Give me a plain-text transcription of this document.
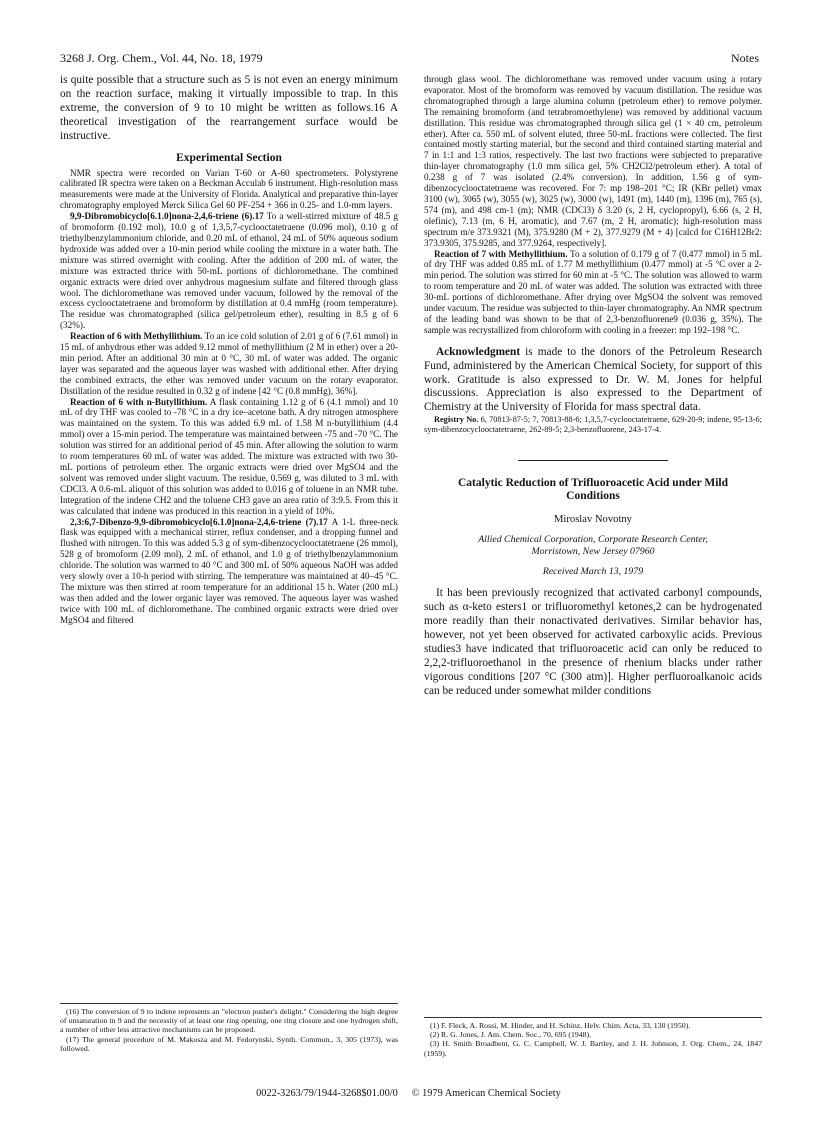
3268 J. Org. Chem., Vol. 44, No. 18, 1979	Notes

is quite possible that a structure such as 5 is not even an energy minimum on the reaction surface, making it virtually impossible to trap. In this extreme, the conversion of 9 to 10 might be written as follows.16 A theoretical investigation of the rearrangement surface would be instructive.

Experimental Section

NMR spectra were recorded on Varian T-60 or A-60 spectrometers. Polystyrene calibrated IR spectra were taken on a Beckman Acculab 6 instrument. High-resolution mass measurements were made at the University of Florida. Analytical and preparative thin-layer chromatography employed Merck Silica Gel 60 PF-254 + 366 in 0.25- and 1.0-mm layers.

9,9-Dibromobicyclo[6.1.0]nona-2,4,6-triene (6).17 To a well-stirred mixture of 48.5 g of bromoform (0.192 mol), 10.0 g of 1,3,5,7-cyclooctatetraene (0.096 mol), 0.10 g of triethylbenzylammonium chloride, and 0.20 mL of ethanol, 24 mL of 50% aqueous sodium hydroxide was added over a 10-min period while cooling the mixture in a water bath. The mixture was stirred overnight with cooling. After the addition of 200 mL of water, the mixture was extracted thrice with 50-mL portions of dichloromethane. The combined organic extracts were dried over anhydrous magnesium sulfate and filtered through glass wool. The dichloromethane was removed under vacuum, followed by the removal of the excess cyclooctatetraene and bromoform by distillation at 0.4 mmHg (room temperature). The residue was chromatographed (silica gel/petroleum ether), resulting in 8.5 g of 6 (32%).

Reaction of 6 with Methyllithium. To an ice cold solution of 2.01 g of 6 (7.61 mmol) in 15 mL of anhydrous ether was added 9.12 mmol of methyllithium (2 M in ether) over a 20-min period. After an additional 30 min at 0 °C, 30 mL of water was added. The organic layer was separated and the aqueous layer was washed with additional ether. After drying the combined extracts, the ether was removed under vacuum on the rotary evaporator. Distillation of the residue resulted in 0.32 g of indene [42 °C (0.8 mmHg), 36%].

Reaction of 6 with n-Butyllithium. A flask containing 1.12 g of 6 (4.1 mmol) and 10 mL of dry THF was cooled to -78 °C in a dry ice–acetone bath. A dry nitrogen atmosphere was maintained on the system. To this was added 6.9 mL of 1.58 M n-butyllithium (4.4 mmol) over a 15-min period. The temperature was maintained between -75 and -70 °C. The solution was stirred for an additional period of 45 min. After allowing the solution to warm to room temperatures 60 mL of water was added. The mixture was extracted with two 30-mL portions of petroleum ether. The organic extracts were dried over MgSO4 and the solvent was removed under slight vacuum. The residue, 0.569 g, was diluted to 3 mL with CDCl3. A 0.6-mL aliquot of this solution was added to 0.016 g of toluene in an NMR tube. Integration of the indene CH2 and the toluene CH3 gave an area ratio of 3:9.5. From this it was calculated that indene was produced in this reaction in a yield of 10%.

2,3:6,7-Dibenzo-9,9-dibromobicyclo[6.1.0]nona-2,4,6-triene (7).17 A 1-L three-neck flask was equipped with a mechanical stirrer, reflux condenser, and a dropping funnel and flushed with nitrogen. To this was added 5.3 g of sym-dibenzocyclooctatetraene (26 mmol), 528 g of bromoform (2.09 mol), 2 mL of ethanol, and 1.0 g of triethylbenzylammonium chloride. The solution was warmed to 40 °C and 300 mL of 50% aqueous NaOH was added very slowly over a 10-h period with stirring. The temperature was maintained at 40–45 °C. The mixture was then stirred at room temperature for an additional 15 h. Water (200 mL) was then added and the lower organic layer was removed. The aqueous layer was washed twice with 100 mL of dichloromethane. The combined organic extracts were dried over MgSO4 and filtered

through glass wool. The dichloromethane was removed under vacuum using a rotary evaporator. Most of the bromoform was removed by vacuum distillation. The residue was chromatographed through a large alumina column (petroleum ether) to remove polymer. The remaining bromoform (and tetrabromoethylene) was removed by additional vacuum distillation. This residue was chromatographed through silica gel (1 × 40 cm, petroleum ether). After ca. 550 mL of solvent eluted, three 50-mL fractions were collected. The first contained mostly starting material, but the second and third contained starting material and 7 in 1:1 and 1:3 ratios, respectively. The last two fractions were subjected to preparative thin-layer chromatography (1.0 mm silica gel, 5% CH2Cl2/petroleum ether). A total of 0.238 g of 7 was isolated (2.4% conversion). In addition, 1.56 g of sym-dibenzocyclooctatetraene was recovered. For 7: mp 198–201 °C; IR (KBr pellet) νmax 3100 (w), 3065 (w), 3055 (w), 3025 (w), 3000 (w), 1491 (m), 1440 (m), 1396 (m), 765 (s), 574 (m), and 498 cm-1 (m); NMR (CDCl3) δ 3.20 (s, 2 H, cyclopropyl), 6.66 (s, 2 H, olefinic), 7.13 (m, 6 H, aromatic), and 7.67 (m, 2 H, aromatic); high-resolution mass spectrum m/e 373.9321 (M), 375.9280 (M + 2), 377.9279 (M + 4) [calcd for C16H12Br2: 373.9305, 375.9285, and 377.9264, respectively].

Reaction of 7 with Methyllithium. To a solution of 0.179 g of 7 (0.477 mmol) in 5 mL of dry THF was added 0.85 mL of 1.77 M methyllithium (0.477 mmol) at -5 °C over a 2-min period. The solution was stirred for 60 min at -5 °C. The solution was allowed to warm to room temperature and 20 mL of water was added. The solution was extracted with three 30-mL portions of dichloromethane. After drying over MgSO4 the solvent was removed under vacuum. The residue was subjected to thin-layer chromatography. An NMR spectrum of the leading band was shown to be that of 2,3-benzofluorene9 (0.036 g, 35%). The sample was recrystallized from chloroform with cooling in a freezer: mp 192–198 °C.

Acknowledgment is made to the donors of the Petroleum Research Fund, administered by the American Chemical Society, for support of this work. Gratitude is also expressed to Dr. W. M. Jones for helpful discussions. Appreciation is also expressed to the Department of Chemistry at the University of Florida for mass spectral data.

Registry No. 6, 70813-87-5; 7, 70813-88-6; 1,3,5,7-cyclooctatetraene, 629-20-9; indene, 95-13-6; sym-dibenzocyclooctatetraene, 262-89-5; 2,3-benzofluorene, 243-17-4.

Catalytic Reduction of Trifluoroacetic Acid under Mild Conditions
Miroslav Novotny
Allied Chemical Corporation, Corporate Research Center,
Morristown, New Jersey 07960
Received March 13, 1979

It has been previously recognized that activated carbonyl compounds, such as α-keto esters1 or trifluoromethyl ketones,2 can be hydrogenated more readily than their nonactivated derivatives. Similar behavior has, however, not yet been observed for activated carboxylic acids. Previous studies3 have indicated that trifluoroacetic acid can only be reduced to 2,2,2-trifluoroethanol in the presence of rhenium blacks under rather vigorous conditions [207 °C (300 atm)]. Higher perfluoroalkanoic acids can be reduced under somewhat milder conditions

(16) The conversion of 9 to indene represents an "electron pusher's delight." Considering the high degree of unsaturation in 9 and the necessity of at least one ring opening, one ring closure and one hydrogen shift, a number of other less attractive mechanisms can be proposed.

(17) The general procedure of M. Makosza and M. Fedorynski, Synth. Commun., 3, 305 (1973), was followed.

(1) F. Fleck, A. Rossi, M. Hinder, and H. Schinz, Helv. Chim. Acta, 33, 130 (1950).

(2) R. G. Jones, J. Am. Chem. Soc., 70, 695 (1948).

(3) H. Smith Broadbent, G. C. Campbell, W. J. Bartley, and J. H. Johnson, J. Org. Chem., 24, 1847 (1959).

0022-3263/79/1944-3268$01.00/0 © 1979 American Chemical Society
